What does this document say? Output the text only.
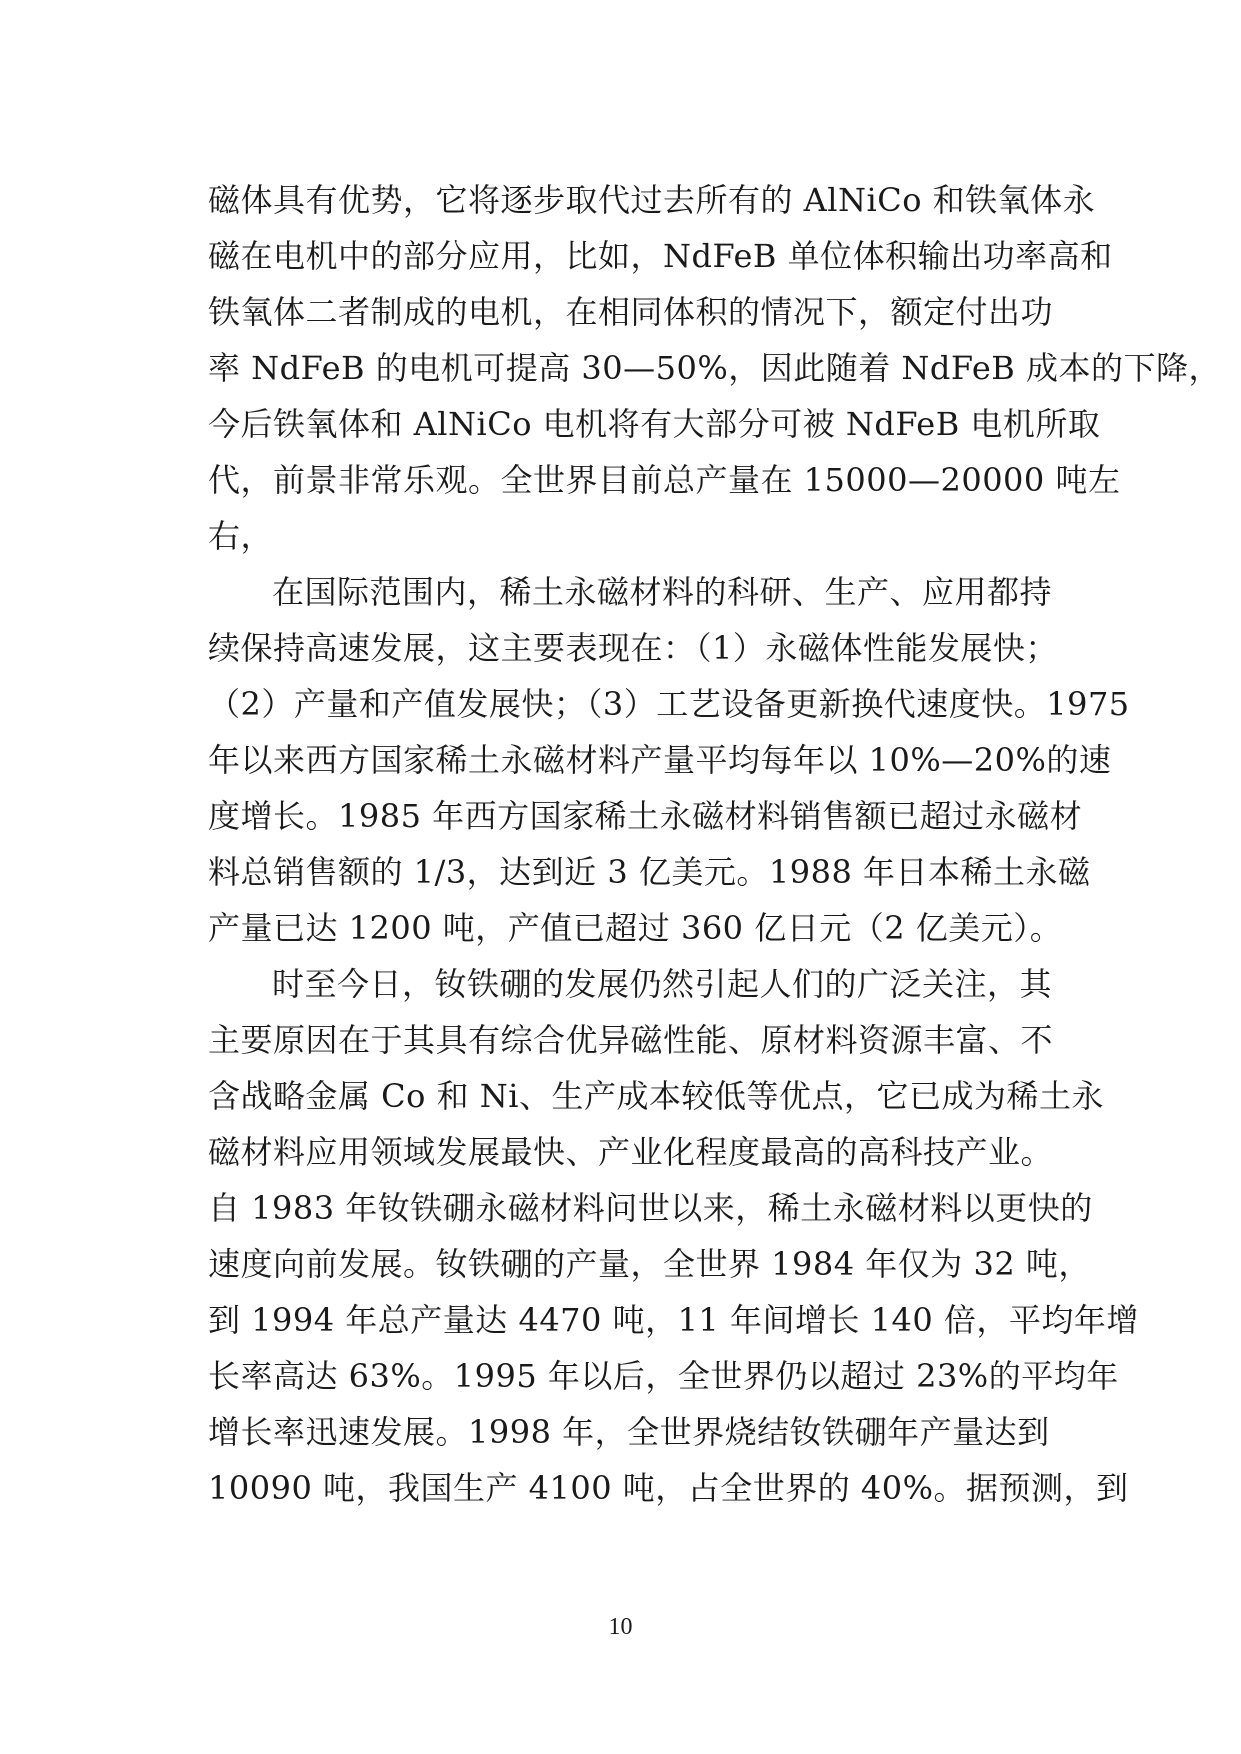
磁体具有优势，它将逐步取代过去所有的 AlNiCo 和铁氧体永
磁在电机中的部分应用，比如，NdFeB 单位体积输出功率高和
铁氧体二者制成的电机，在相同体积的情况下，额定付出功
率 NdFeB 的电机可提高 30—50%，因此随着 NdFeB 成本的下降，
今后铁氧体和 AlNiCo 电机将有大部分可被 NdFeB 电机所取
代，前景非常乐观。全世界目前总产量在 15000—20000 吨左
右，
在国际范围内，稀土永磁材料的科研、生产、应用都持
续保持高速发展，这主要表现在：（1）永磁体性能发展快；
（2）产量和产值发展快；（3）工艺设备更新换代速度快。1975
年以来西方国家稀土永磁材料产量平均每年以 10%—20%的速
度增长。1985 年西方国家稀土永磁材料销售额已超过永磁材
料总销售额的 1/3，达到近 3 亿美元。1988 年日本稀土永磁
产量已达 1200 吨，产值已超过 360 亿日元（2 亿美元）。
时至今日，钕铁硼的发展仍然引起人们的广泛关注，其
主要原因在于其具有综合优异磁性能、原材料资源丰富、不
含战略金属 Co 和 Ni、生产成本较低等优点，它已成为稀土永
磁材料应用领域发展最快、产业化程度最高的高科技产业。
自 1983 年钕铁硼永磁材料问世以来，稀土永磁材料以更快的
速度向前发展。钕铁硼的产量，全世界 1984 年仅为 32 吨，
到 1994 年总产量达 4470 吨，11 年间增长 140 倍，平均年增
长率高达 63%。1995 年以后，全世界仍以超过 23%的平均年
增长率迅速发展。1998 年，全世界烧结钕铁硼年产量达到
10090 吨，我国生产 4100 吨，占全世界的 40%。据预测，到
10
